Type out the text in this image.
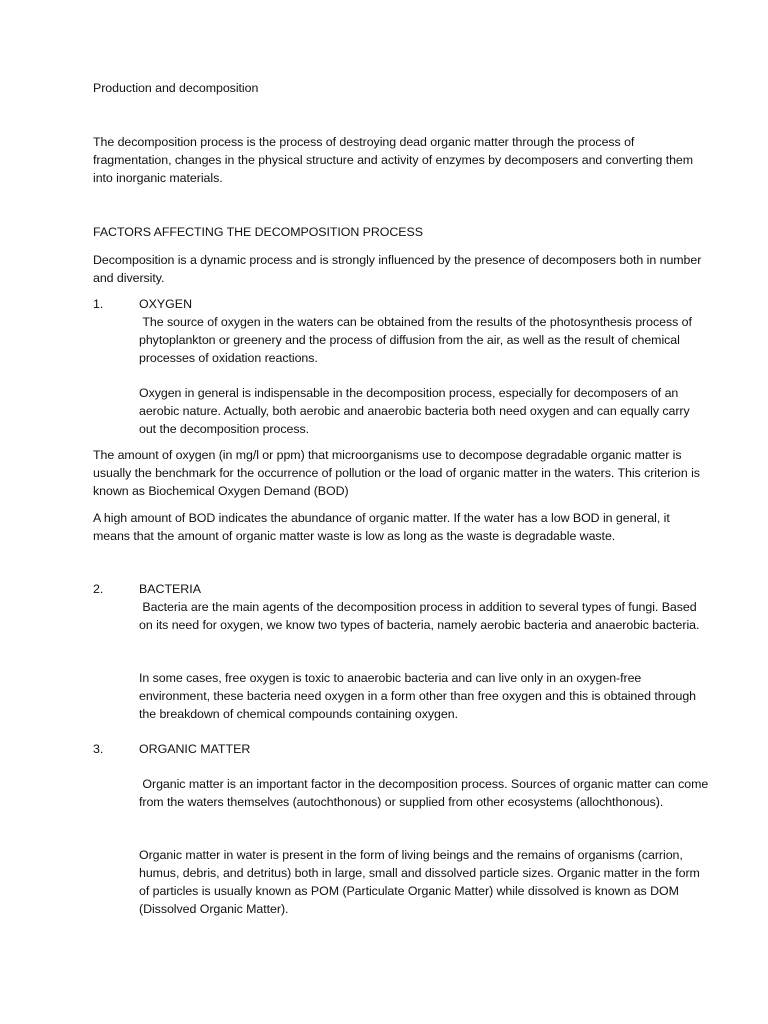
Production and decomposition

The decomposition process is the process of destroying dead organic matter through the process of fragmentation, changes in the physical structure and activity of enzymes by decomposers and converting them into inorganic materials.

FACTORS AFFECTING THE DECOMPOSITION PROCESS

Decomposition is a dynamic process and is strongly influenced by the presence of decomposers both in number and diversity.

1.	OXYGEN

The source of oxygen in the waters can be obtained from the results of the photosynthesis process of phytoplankton or greenery and the process of diffusion from the air, as well as the result of chemical processes of oxidation reactions.

Oxygen in general is indispensable in the decomposition process, especially for decomposers of an aerobic nature. Actually, both aerobic and anaerobic bacteria both need oxygen and can equally carry out the decomposition process.

The amount of oxygen (in mg/l or ppm) that microorganisms use to decompose degradable organic matter is usually the benchmark for the occurrence of pollution or the load of organic matter in the waters. This criterion is known as Biochemical Oxygen Demand (BOD)

A high amount of BOD indicates the abundance of organic matter. If the water has a low BOD in general, it means that the amount of organic matter waste is low as long as the waste is degradable waste.

2.	BACTERIA

Bacteria are the main agents of the decomposition process in addition to several types of fungi. Based on its need for oxygen, we know two types of bacteria, namely aerobic bacteria and anaerobic bacteria.

In some cases, free oxygen is toxic to anaerobic bacteria and can live only in an oxygen-free environment, these bacteria need oxygen in a form other than free oxygen and this is obtained through the breakdown of chemical compounds containing oxygen.

3.	ORGANIC MATTER

Organic matter is an important factor in the decomposition process. Sources of organic matter can come from the waters themselves (autochthonous) or supplied from other ecosystems (allochthonous).

Organic matter in water is present in the form of living beings and the remains of organisms (carrion, humus, debris, and detritus) both in large, small and dissolved particle sizes. Organic matter in the form of particles is usually known as POM (Particulate Organic Matter) while dissolved is known as DOM (Dissolved Organic Matter).
